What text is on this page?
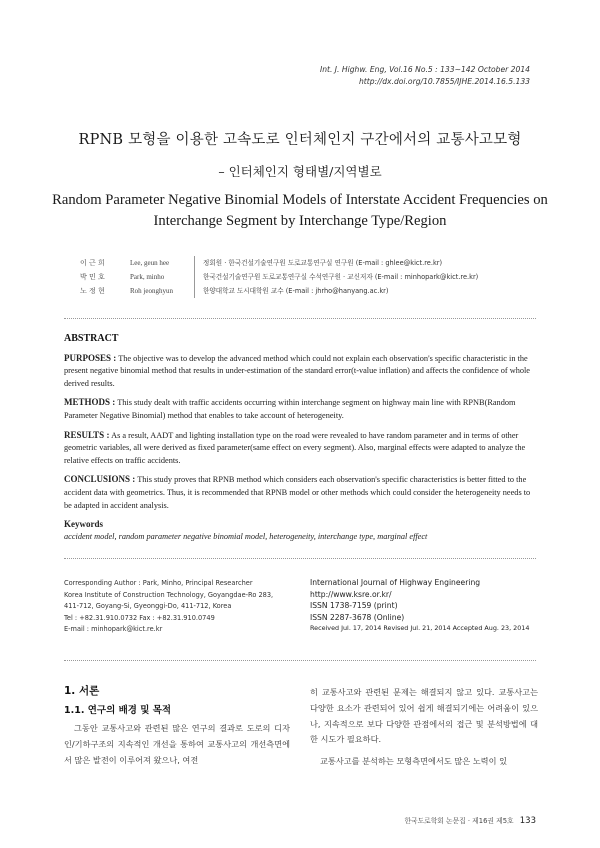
Int. J. Highw. Eng, Vol.16 No.5 : 133~142 October 2014
http://dx.doi.org/10.7855/IJHE.2014.16.5.133
RPNB 모형을 이용한 고속도로 인터체인지 구간에서의 교통사고모형
– 인터체인지 형태별/지역별로
Random Parameter Negative Binomial Models of Interstate Accident Frequencies on
Interchange Segment by Interchange Type/Region
이 근 희	Lee, geun hee	정회원 · 한국건설기술연구원 도로교통연구실 연구원 (E-mail : ghlee@kict.re.kr)
박 민 호	Park, minho	한국건설기술연구원 도로교통연구실 수석연구원 · 교신저자 (E-mail : minhopark@kict.re.kr)
노 정 현	Roh jeonghyun	한양대학교 도시대학원 교수 (E-mail : jhrho@hanyang.ac.kr)
ABSTRACT

PURPOSES : The objective was to develop the advanced method which could not explain each observation's specific characteristic in the present negative binomial method that results in under-estimation of the standard error(t-value inflation) and affects the confidence of whole derived results.

METHODS : This study dealt with traffic accidents occurring within interchange segment on highway main line with RPNB(Random Parameter Negative Binomial) method that enables to take account of heterogeneity.

RESULTS : As a result, AADT and lighting installation type on the road were revealed to have random parameter and in terms of other geometric variables, all were derived as fixed parameter(same effect on every segment). Also, marginal effects were adapted to analyze the relative effects on traffic accidents.

CONCLUSIONS : This study proves that RPNB method which considers each observation's specific characteristics is better fitted to the accident data with geometrics. Thus, it is recommended that RPNB model or other methods which could consider the heterogeneity needs to be adapted in accident analysis.

Keywords
accident model, random parameter negative binomial model, heterogeneity, interchange type, marginal effect
Corresponding Author : Park, Minho, Principal Researcher
Korea Institute of Construction Technology, Goyangdae-Ro 283,
411-712, Goyang-Si, Gyeonggi-Do, 411-712, Korea
Tel : +82.31.910.0732 Fax : +82.31.910.0749
E-mail : minhopark@kict.re.kr
International Journal of Highway Engineering
http://www.ksre.or.kr/
ISSN 1738-7159 (print)
ISSN 2287-3678 (Online)
Received Jul. 17, 2014 Revised Jul. 21, 2014 Accepted Aug. 23, 2014
1. 서론
1.1. 연구의 배경 및 목적

그동안 교통사고와 관련된 많은 연구의 결과로 도로의 디자인/기하구조의 지속적인 개선을 통하여 교통사고의 개선측면에서 많은 발전이 이루어져 왔으나, 여전

히 교통사고와 관련된 문제는 해결되지 않고 있다. 교통사고는 다양한 요소가 관련되어 있어 쉽게 해결되기에는 어려움이 있으나, 지속적으로 보다 다양한 관점에서의 접근 및 분석방법에 대한 시도가 필요하다.

교통사고를 분석하는 모형측면에서도 많은 노력이 있

한국도로학회 논문집 · 제16권 제5호 133
